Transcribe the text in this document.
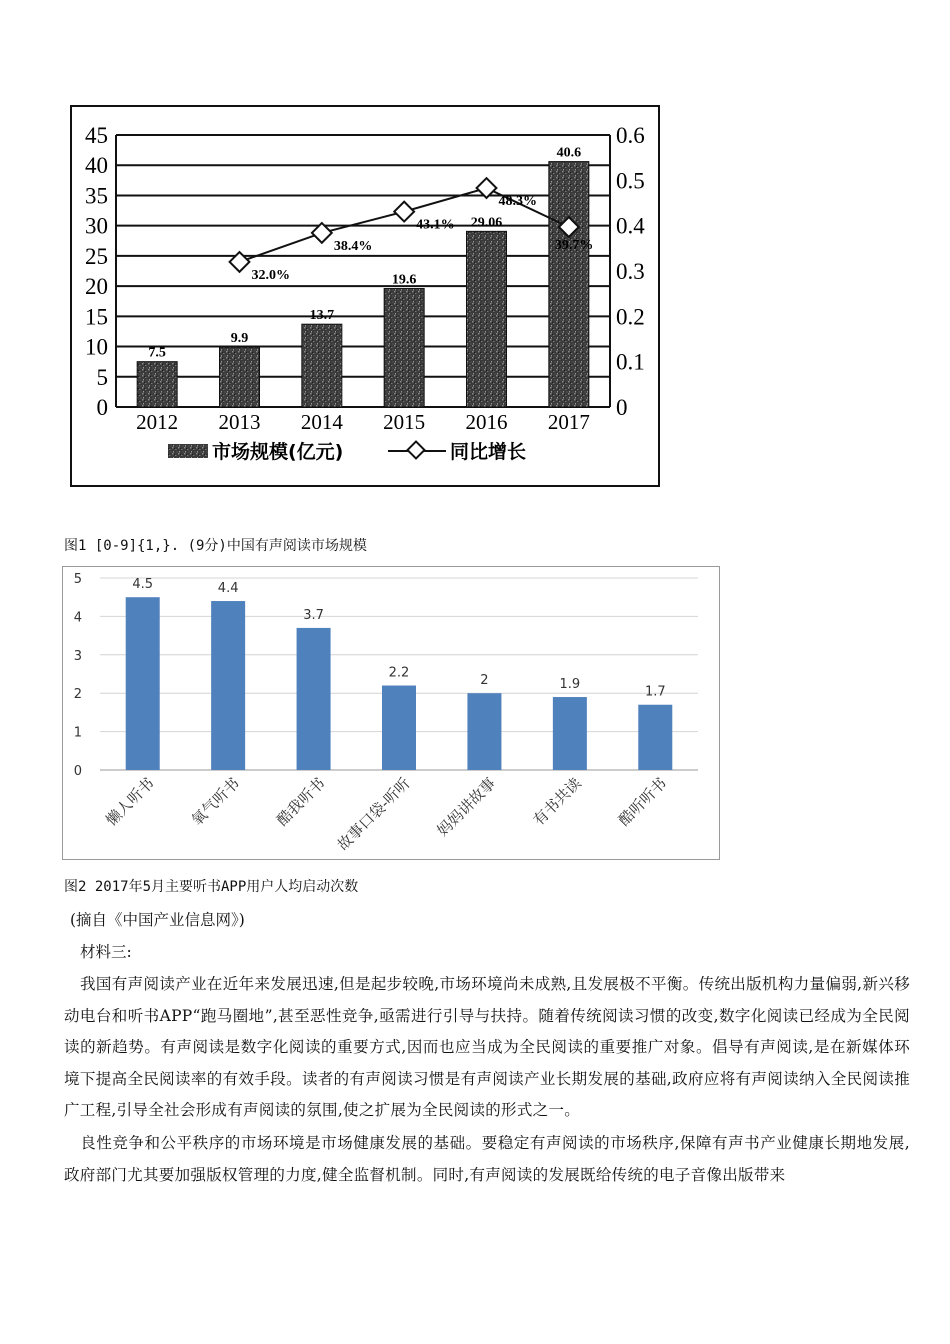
7.5
9.9
13.7
19.6
29.06
40.6
32.0%
38.4%
43.1%
48.3%
39.7%
0
5
10
15
20
25
30
35
40
45
0
0.1
0.2
0.3
0.4
0.5
0.6
2012 2013 2014 2015 2016 2017
市场规模(亿元)	同比增长
图1 [0-9]{1,}. (9分)中国有声阅读市场规模
4.5	4.4
3.7
2.2
2	1.9
1.7
0
1
2
3
4
5
懒人听书 氧气听书 酷我听书 故事口袋-听听 妈妈讲故事 有书共读 酷听听书
图2 2017年5月主要听书APP用户人均启动次数
(摘自《中国产业信息网》)
材料三:
我国有声阅读产业在近年来发展迅速,但是起步较晚,市场环境尚未成熟,且发展极不平衡。传统出版机构力量偏弱,新兴移动电台和听书APP“跑马圈地”,甚至恶性竞争,亟需进行引导与扶持。随着传统阅读习惯的改变,数字化阅读已经成为全民阅读的新趋势。有声阅读是数字化阅读的重要方式,因而也应当成为全民阅读的重要推广对象。倡导有声阅读,是在新媒体环境下提高全民阅读率的有效手段。读者的有声阅读习惯是有声阅读产业长期发展的基础,政府应将有声阅读纳入全民阅读推广工程,引导全社会形成有声阅读的氛围,使之扩展为全民阅读的形式之一。
良性竞争和公平秩序的市场环境是市场健康发展的基础。要稳定有声阅读的市场秩序,保障有声书产业健康长期地发展,政府部门尤其要加强版权管理的力度,健全监督机制。同时,有声阅读的发展既给传统的电子音像出版带来
